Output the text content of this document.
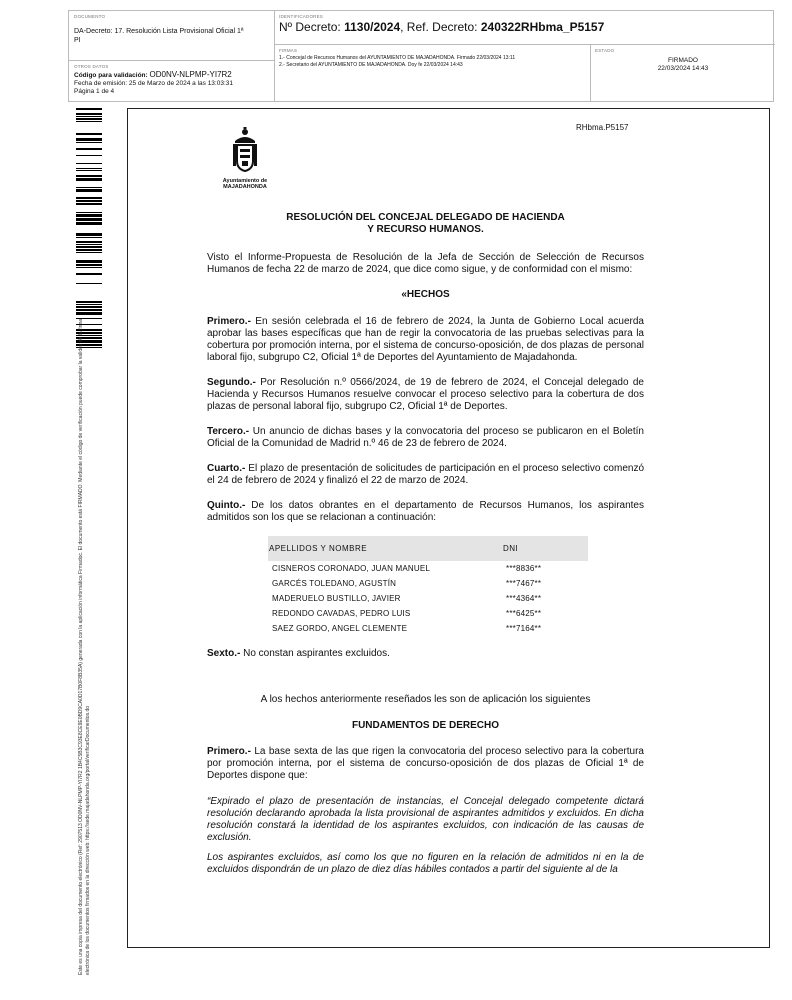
DOCUMENTO
DA-Decreto: 17. Resolución Lista Provisional Oficial 1ª PI
IDENTIFICADORES
Nº Decreto: 1130/2024, Ref. Decreto: 240322RHbma_P5157
OTROS DATOS
Código para validación: OD0NV-NLPMP-YI7R2
Fecha de emisión: 25 de Marzo de 2024 a las 13:03:31
Página 1 de 4
FIRMAS
1.- Concejal de Recursos Humanos del AYUNTAMIENTO DE MAJADAHONDA. Firmado 22/03/2024 13:11
2.- Secretario del AYUNTAMIENTO DE MAJADAHONDA. Doy fe 22/03/2024 14:43
ESTADO
FIRMADO
22/03/2024 14:43
Este es una copia impresa del documento electrónico (Ref: 2907513 OD0NV-NLPMP-YI7R2 1B4C5B3C93E8CE9E0BD9CA0D17B0F8B35A) generada con la aplicación informática Firmadoc. El documento está FIRMADO. Mediante el código de verificación puede comprobar la validez de la firma electrónica de los documentos firmados en la dirección web: https://sede.majadahonda.org/portal/verificarDocumentos.do
RHbma.P5157
Ayuntamiento de
MAJADAHONDA
RESOLUCIÓN DEL CONCEJAL DELEGADO DE HACIENDA
Y RECURSO HUMANOS.

Visto el Informe-Propuesta de Resolución de la Jefa de Sección de Selección de Recursos Humanos de fecha 22 de marzo de 2024, que dice como sigue, y de conformidad con el mismo:

«HECHOS

Primero.- En sesión celebrada el 16 de febrero de 2024, la Junta de Gobierno Local acuerda aprobar las bases específicas que han de regir la convocatoria de las pruebas selectivas para la cobertura por promoción interna, por el sistema de concurso-oposición, de dos plazas de personal laboral fijo, subgrupo C2, Oficial 1ª de Deportes del Ayuntamiento de Majadahonda.

Segundo.- Por Resolución n.º 0566/2024, de 19 de febrero de 2024, el Concejal delegado de Hacienda y Recursos Humanos resuelve convocar el proceso selectivo para la cobertura de dos plazas de personal laboral fijo, subgrupo C2, Oficial 1ª de Deportes.

Tercero.- Un anuncio de dichas bases y la convocatoria del proceso se publicaron en el Boletín Oficial de la Comunidad de Madrid n.º 46 de 23 de febrero de 2024.

Cuarto.- El plazo de presentación de solicitudes de participación en el proceso selectivo comenzó el 24 de febrero de 2024 y finalizó el 22 de marzo de 2024.

Quinto.- De los datos obrantes en el departamento de Recursos Humanos, los aspirantes admitidos son los que se relacionan a continuación:

APELLIDOS Y NOMBRE	DNI
CISNEROS CORONADO, JUAN MANUEL	***8836**
GARCÉS TOLEDANO, AGUSTÍN	***7467**
MADERUELO BUSTILLO, JAVIER	***4364**
REDONDO CAVADAS, PEDRO LUIS	***6425**
SAEZ GORDO, ANGEL CLEMENTE	***7164**

Sexto.- No constan aspirantes excluidos.

A los hechos anteriormente reseñados les son de aplicación los siguientes

FUNDAMENTOS DE DERECHO

Primero.- La base sexta de las que rigen la convocatoria del proceso selectivo para la cobertura por promoción interna, por el sistema de concurso-oposición de dos plazas de Oficial 1ª de Deportes dispone que:

“Expirado el plazo de presentación de instancias, el Concejal delegado competente dictará resolución declarando aprobada la lista provisional de aspirantes admitidos y excluidos. En dicha resolución constará la identidad de los aspirantes excluidos, con indicación de las causas de exclusión.

Los aspirantes excluidos, así como los que no figuren en la relación de admitidos ni en la de excluidos dispondrán de un plazo de diez días hábiles contados a partir del siguiente al de la
